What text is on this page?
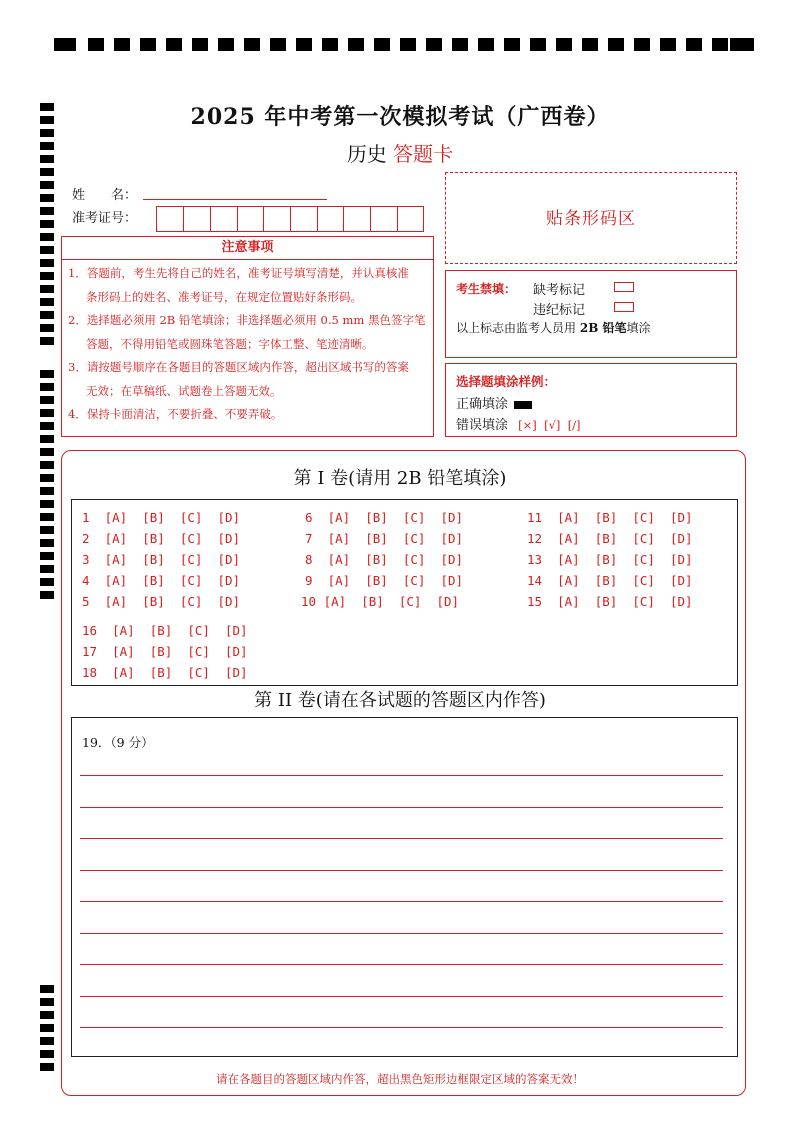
2025 年中考第一次模拟考试（广西卷）
历史 答题卡
姓　　名：
准考证号：	贴条形码区
注意事项

1．答题前，考生先将自己的姓名，准考证号填写清楚，并认真核准

条形码上的姓名、准考证号，在规定位置贴好条形码。

2．选择题必须用 2B 铅笔填涂；非选择题必须用 0.5 mm 黑色签字笔

答题，不得用铅笔或圆珠笔答题；字体工整、笔迹清晰。

3．请按题号顺序在各题目的答题区域内作答，超出区域书写的答案

无效；在草稿纸、试题卷上答题无效。

4．保持卡面清洁，不要折叠、不要弄破。

考生禁填： 缺考标记
违纪标记
以上标志由监考人员用 2B 铅笔填涂
选择题填涂样例：
正确填涂
错误填涂 [×]  [√]  [/]
第 I 卷(请用 2B 铅笔填涂)
1  [A]  [B]  [C]  [D]
2  [A]  [B]  [C]  [D]
3  [A]  [B]  [C]  [D]
4  [A]  [B]  [C]  [D]
5  [A]  [B]  [C]  [D]
6  [A]  [B]  [C]  [D]
7  [A]  [B]  [C]  [D]
8  [A]  [B]  [C]  [D]
9  [A]  [B]  [C]  [D]
10 [A]  [B]  [C]  [D]
11  [A]  [B]  [C]  [D]
12  [A]  [B]  [C]  [D]
13  [A]  [B]  [C]  [D]
14  [A]  [B]  [C]  [D]
15  [A]  [B]  [C]  [D]
16  [A]  [B]  [C]  [D]
17  [A]  [B]  [C]  [D]
18  [A]  [B]  [C]  [D]
第 II 卷(请在各试题的答题区内作答)
19．（9 分）
请在各题目的答题区域内作答，超出黑色矩形边框限定区域的答案无效！
